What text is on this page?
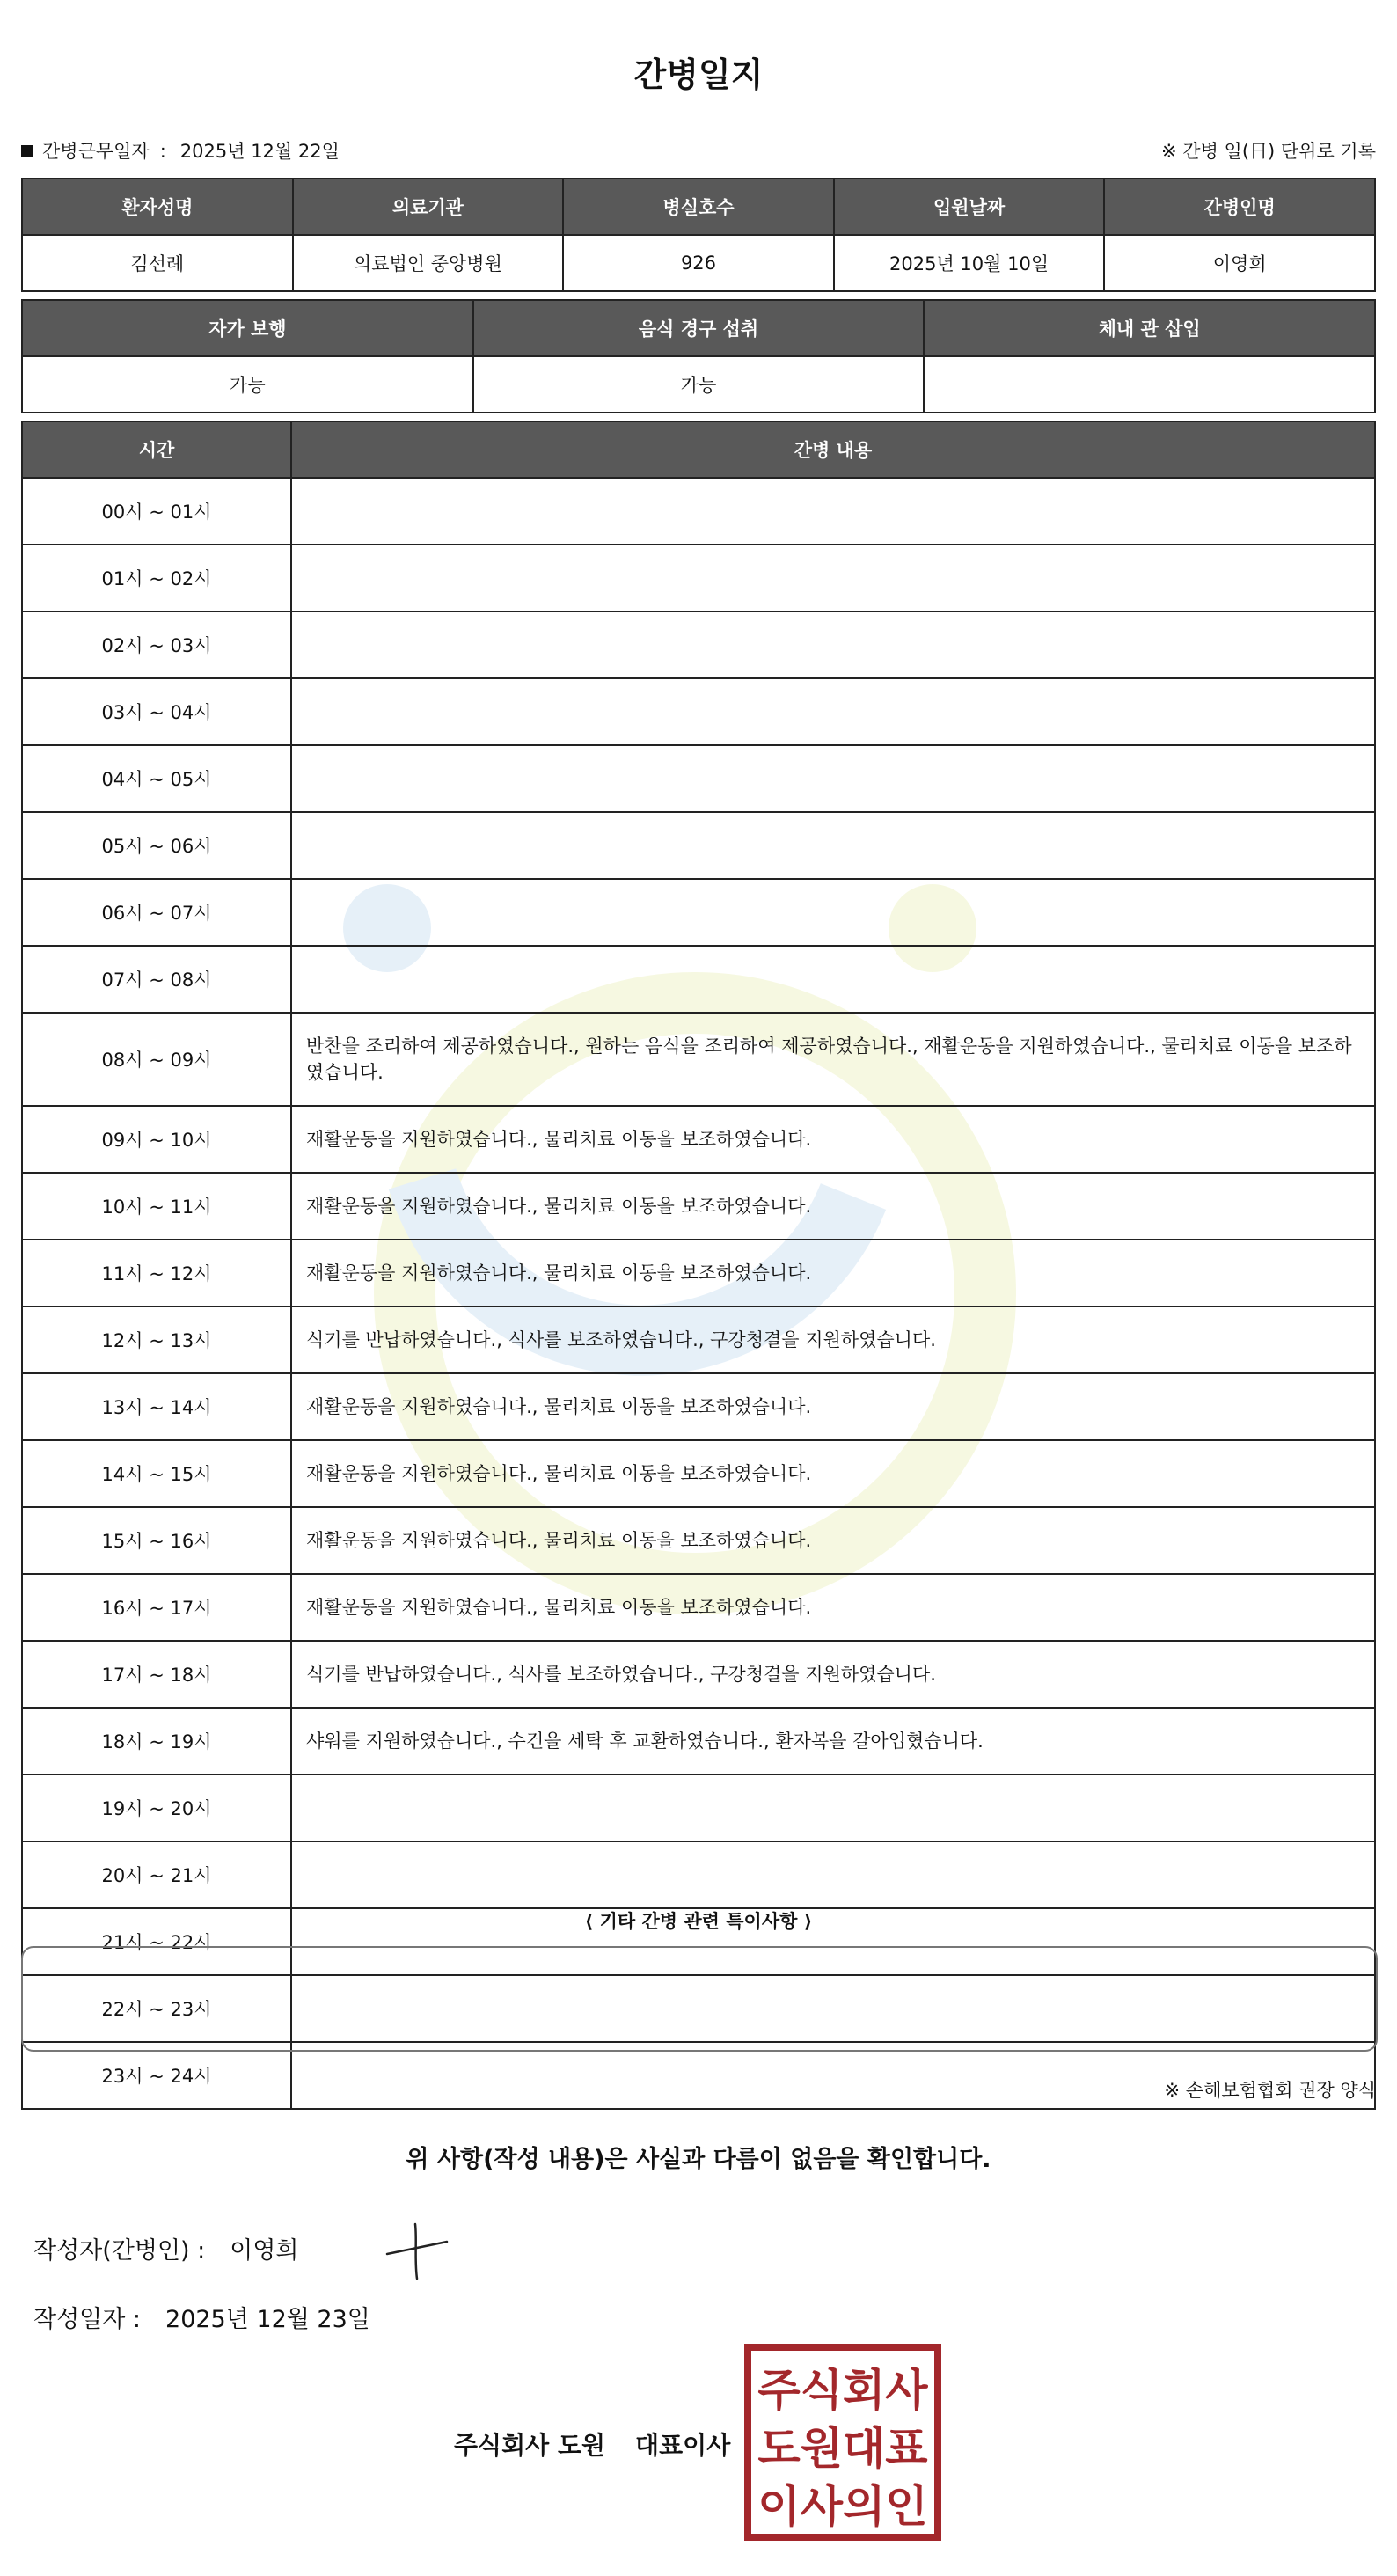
간병일지
간병근무일자 : 2025년 12월 22일	※ 간병 일(日) 단위로 기록
환자성명	의료기관	병실호수	입원날짜	간병인명
김선례	의료법인 중앙병원	926	2025년 10월 10일	이영희
자가 보행	음식 경구 섭취	체내 관 삽입
가능	가능	
시간	간병 내용
00시 ~ 01시	
01시 ~ 02시	
02시 ~ 03시	
03시 ~ 04시	
04시 ~ 05시	
05시 ~ 06시	
06시 ~ 07시	
07시 ~ 08시	
08시 ~ 09시	반찬을 조리하여 제공하였습니다., 원하는 음식을 조리하여 제공하였습니다., 재활운동을 지원하였습니다., 물리치료 이동을 보조하였습니다.
09시 ~ 10시	재활운동을 지원하였습니다., 물리치료 이동을 보조하였습니다.
10시 ~ 11시	재활운동을 지원하였습니다., 물리치료 이동을 보조하였습니다.
11시 ~ 12시	재활운동을 지원하였습니다., 물리치료 이동을 보조하였습니다.
12시 ~ 13시	식기를 반납하였습니다., 식사를 보조하였습니다., 구강청결을 지원하였습니다.
13시 ~ 14시	재활운동을 지원하였습니다., 물리치료 이동을 보조하였습니다.
14시 ~ 15시	재활운동을 지원하였습니다., 물리치료 이동을 보조하였습니다.
15시 ~ 16시	재활운동을 지원하였습니다., 물리치료 이동을 보조하였습니다.
16시 ~ 17시	재활운동을 지원하였습니다., 물리치료 이동을 보조하였습니다.
17시 ~ 18시	식기를 반납하였습니다., 식사를 보조하였습니다., 구강청결을 지원하였습니다.
18시 ~ 19시	샤워를 지원하였습니다., 수건을 세탁 후 교환하였습니다., 환자복을 갈아입혔습니다.
19시 ~ 20시	
20시 ~ 21시	
21시 ~ 22시	
22시 ~ 23시	
23시 ~ 24시	
⟨ 기타 간병 관련 특이사항 ⟩
※ 손해보험협회 권장 양식
위 사항(작성 내용)은 사실과 다름이 없음을 확인합니다.
작성자(간병인) : 이영희
작성일자 : 2025년 12월 23일
주식회사 도원 대표이사
주식회사
도원대표
이사의인
